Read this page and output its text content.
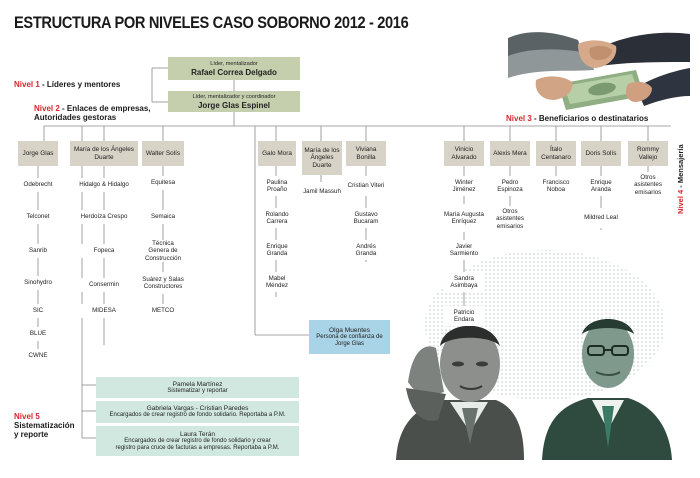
ESTRUCTURA POR NIVELES CASO SOBORNO 2012 - 2016
Nivel 1 - Líderes y mentores
Nivel 2 - Enlaces de empresas,
Autoridades gestoras	Nivel 3 - Beneficiarios o destinatarios
Nivel 4 - Mensajería
Nivel 5
Sistematización
y reporte
Líder, mentalizador
Rafael Correa Delgado
Líder, mentalizador y coordinador
Jorge Glas Espinel
Jorge Glas
María de los Ángeles Duarte
Walter Solís
Odebrecht
Telconet
Sanrib
Sinohydro
SIC
BLUE
CWNE
Hidalgo & Hidalgo
Herdoíza Crespo
Fopeca
Consermin
MIDESA
Equitesa
Semaica
Técnica Genera de Construcción
Suárez y Salas Constructores
METCO
Galo Mora	María de los Ángeles Duarte
Viviana Bonilla
Vinicio Alvarado
Alexis Mera
Ítalo Centanaro
Doris Solís
Rommy Vallejo
Paulina Proaño
Rolando Carrera
Enrique Granda
Mabel Méndez
Jamil Massuh
Cristian Viteri
Gustavo Bucaram
Andrés Granda
Winter Jiménez
María Augusta Enríquez
Javier Sarmiento
Sandra Asimbaya
Patricio Endara
Pedro Espinoza
Otros asistentes emisarios
Francisco Noboa
Enrique Aranda
Mildred Leal
Otros asistentes emisarios
Olga Muentes
Persona de confianza de Jorge Glas
Pamela Martínez
Sistematizar y reportar
Gabriela Vargas - Cristian Paredes
Encargados de crear registro de fondo solidario. Reportaba a P.M.
Laura Terán
Encargados de crear registro de fondo solidario y crear
registro para cruce de facturas a empresas. Reportaba a P.M.
